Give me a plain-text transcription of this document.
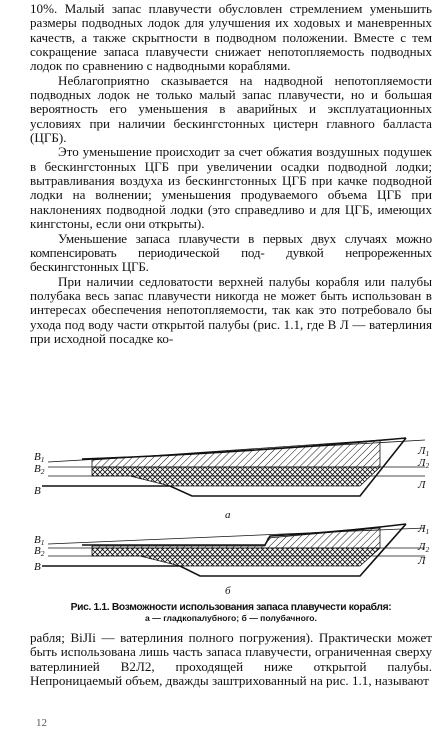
10%. Малый запас плавучести обусловлен стремлением уменьшить размеры подводных лодок для улучшения их ходовых и маневренных качеств, а также скрытности в подводном положении. Вместе с тем сокращение запаса плавучести снижает непотопляемость подводных лодок по сравнению с надводными кораблями.

Неблагоприятно сказывается на надводной непотопляемости подводных лодок не только малый запас плавучести, но и большая вероятность его уменьшения в аварийных и эксплуатационных условиях при наличии бескингстонных цистерн главного балласта (ЦГБ).

Это уменьшение происходит за счет обжатия воздушных подушек в бескингстонных ЦГБ при увеличении осадки подводной лодки; вытравливания воздуха из бескингстонных ЦГБ при качке подводной лодки на волнении; уменьшения продуваемого объема ЦГБ при наклонениях подводной лодки (это справедливо и для ЦГБ, имеющих кингстоны, если они открыты).

Уменьшение запаса плавучести в первых двух случаях можно компенсировать периодической под- дувкой непрореженных бескингстонных ЦГБ.

При наличии седловатости верхней палубы корабля или палубы полубака весь запас плавучести никогда не может быть использован в интересах обеспечения непотопляемости, так как это потребовало бы ухода под воду части открытой палубы (рис. 1.1, где В Л — ватерлиния при исходной посадке ко-

В1
В2
В
Л1
Л2
Л
а
В1
В2
В
Л1
Л2
Л
б
Рис. 1.1. Возможности использования запаса плавучести корабля:
а — гладкопалубного; б — полубачного.

рабля; BiJIi — ватерлиния полного погружения). Практически может быть использована лишь часть запаса плавучести, ограниченная сверху ватерлинией B2Л2, проходящей ниже открытой палубы. Непроницаемый объем, дважды заштрихованный на рис. 1.1, называют

12
